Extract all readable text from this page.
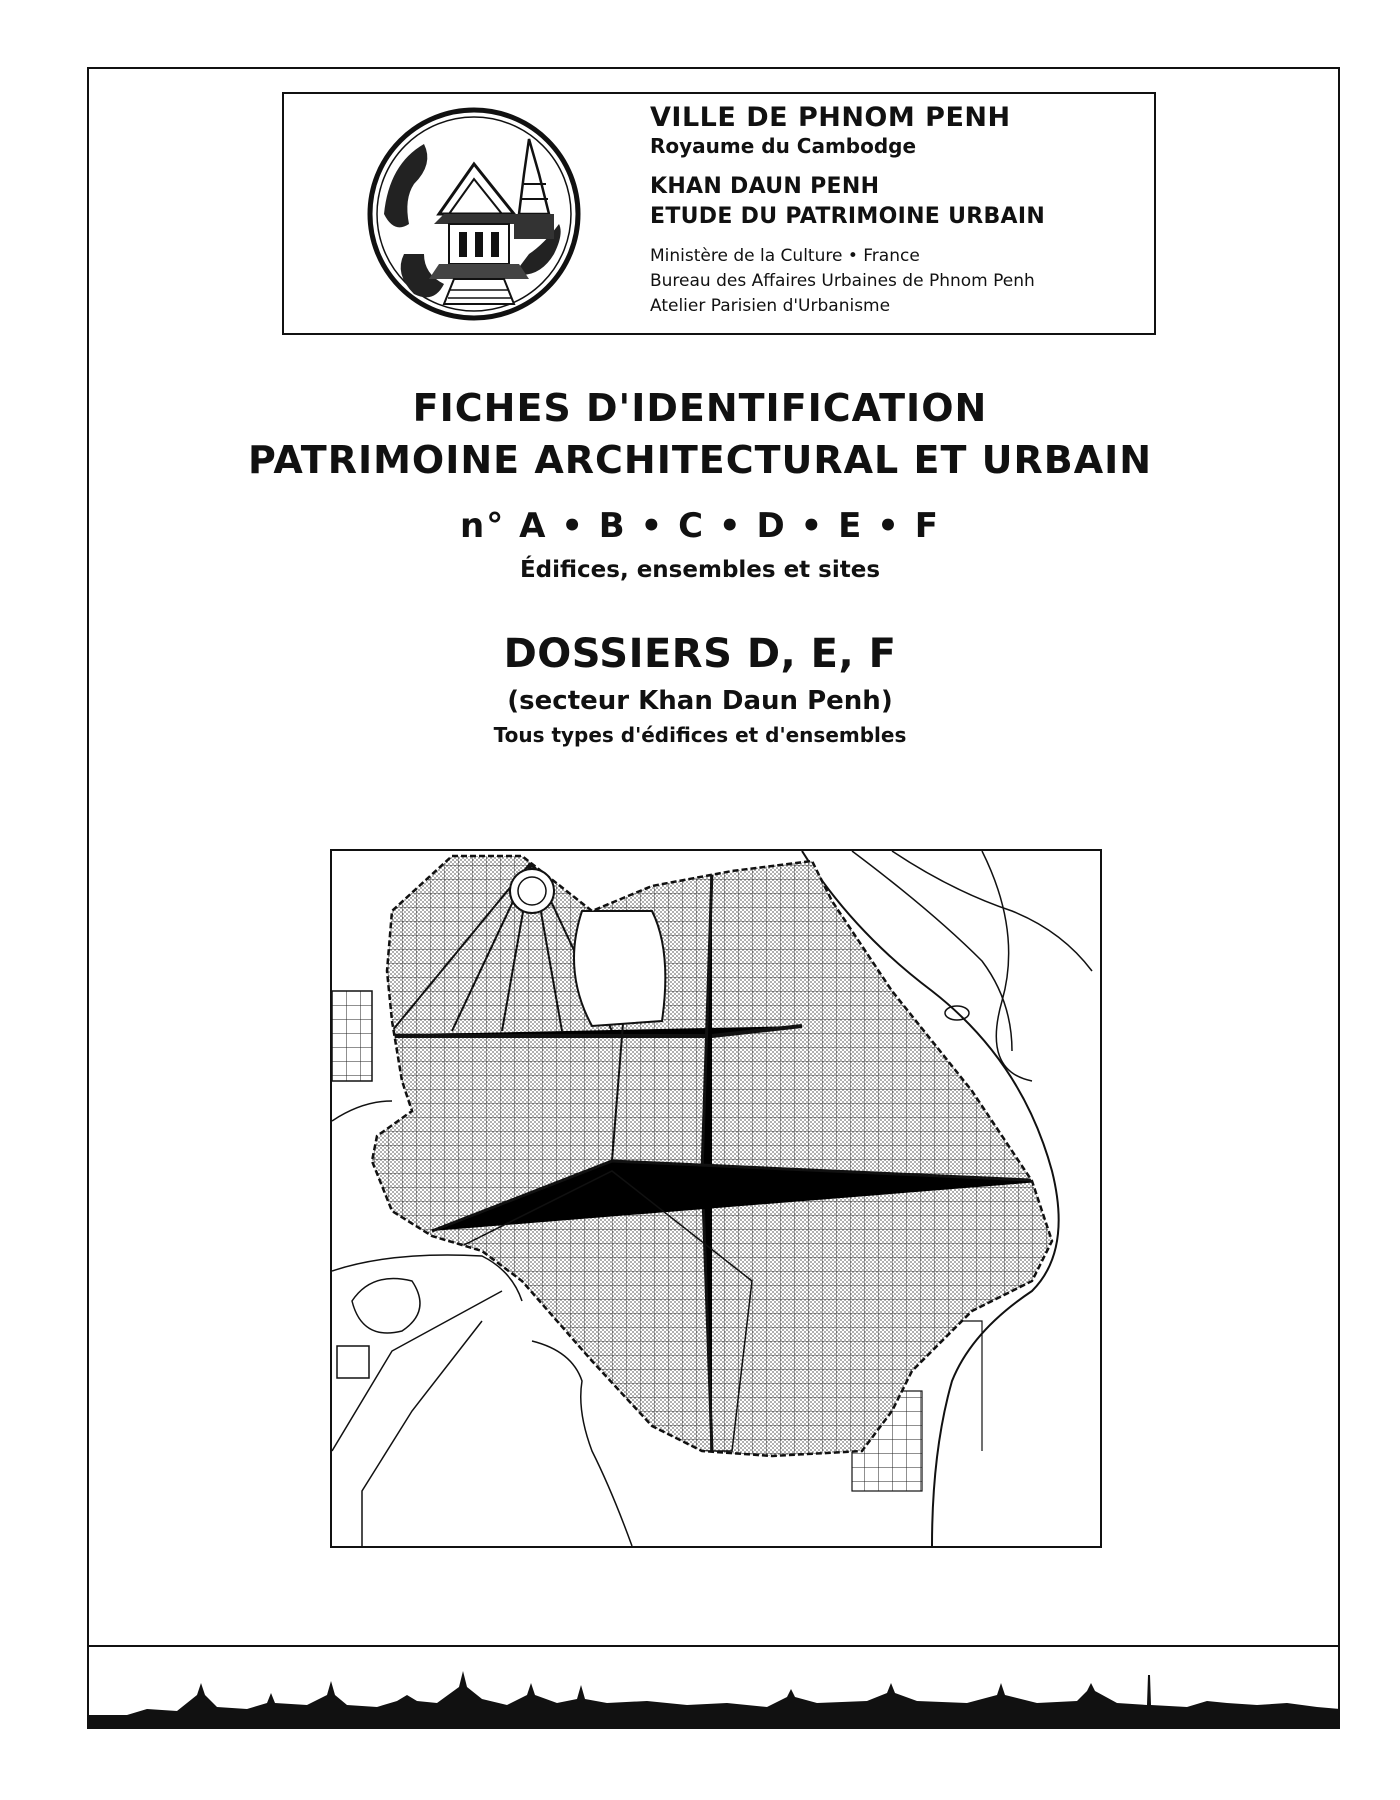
VILLE DE PHNOM PENH

Royaume du Cambodge

KHAN DAUN PENH

ETUDE DU PATRIMOINE URBAIN

Ministère de la Culture • France

Bureau des Affaires Urbaines de Phnom Penh

Atelier Parisien d'Urbanisme

FICHES D'IDENTIFICATION
PATRIMOINE ARCHITECTURAL ET URBAIN
n° A • B • C • D • E • F
Édifices, ensembles et sites
DOSSIERS D, E, F
(secteur Khan Daun Penh)
Tous types d'édifices et d'ensembles
